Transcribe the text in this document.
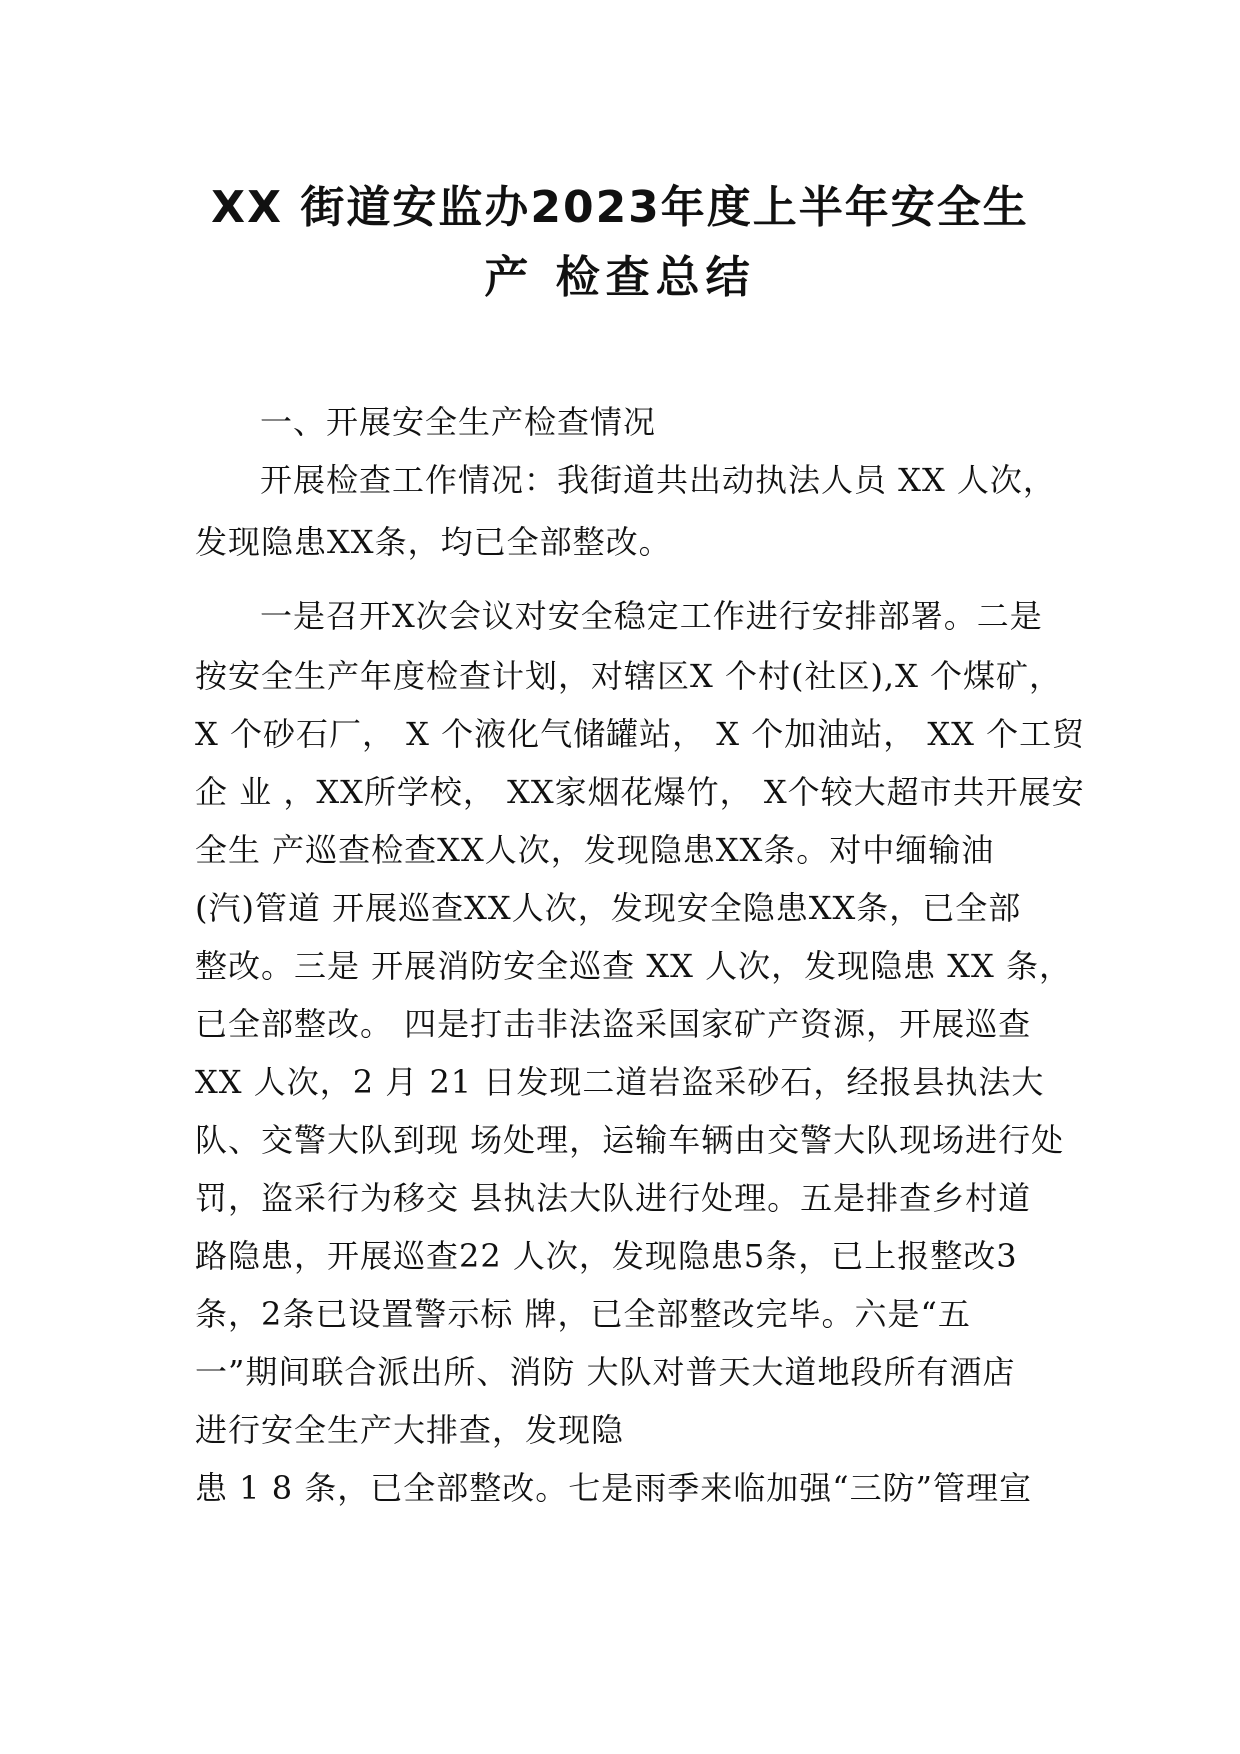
XX 街道安监办2023年度上半年安全生
产 检查总结

一、开展安全生产检查情况

开展检查工作情况：我街道共出动执法人员 XX 人次，

发现隐患XX条，均已全部整改。

一是召开X次会议对安全稳定工作进行安排部署。二是

按安全生产年度检查计划，对辖区X 个村(社区),X 个煤矿，

X 个砂石厂， X 个液化气储罐站， X 个加油站， XX 个工贸

企 业 ，XX所学校， XX家烟花爆竹， X个较大超市共开展安

全生 产巡查检查XX人次，发现隐患XX条。对中缅输油

(汽)管道 开展巡查XX人次，发现安全隐患XX条，已全部

整改。三是 开展消防安全巡查 XX 人次，发现隐患 XX 条，

已全部整改。 四是打击非法盗采国家矿产资源，开展巡查

XX 人次，2 月 21 日发现二道岩盗采砂石，经报县执法大

队、交警大队到现 场处理，运输车辆由交警大队现场进行处

罚，盗采行为移交 县执法大队进行处理。五是排查乡村道

路隐患，开展巡查22 人次，发现隐患5条，已上报整改3

条，2条已设置警示标 牌，已全部整改完毕。六是“五

一”期间联合派出所、消防 大队对普天大道地段所有酒店

进行安全生产大排查，发现隐

患 1 8 条，已全部整改。七是雨季来临加强“三防”管理宣
